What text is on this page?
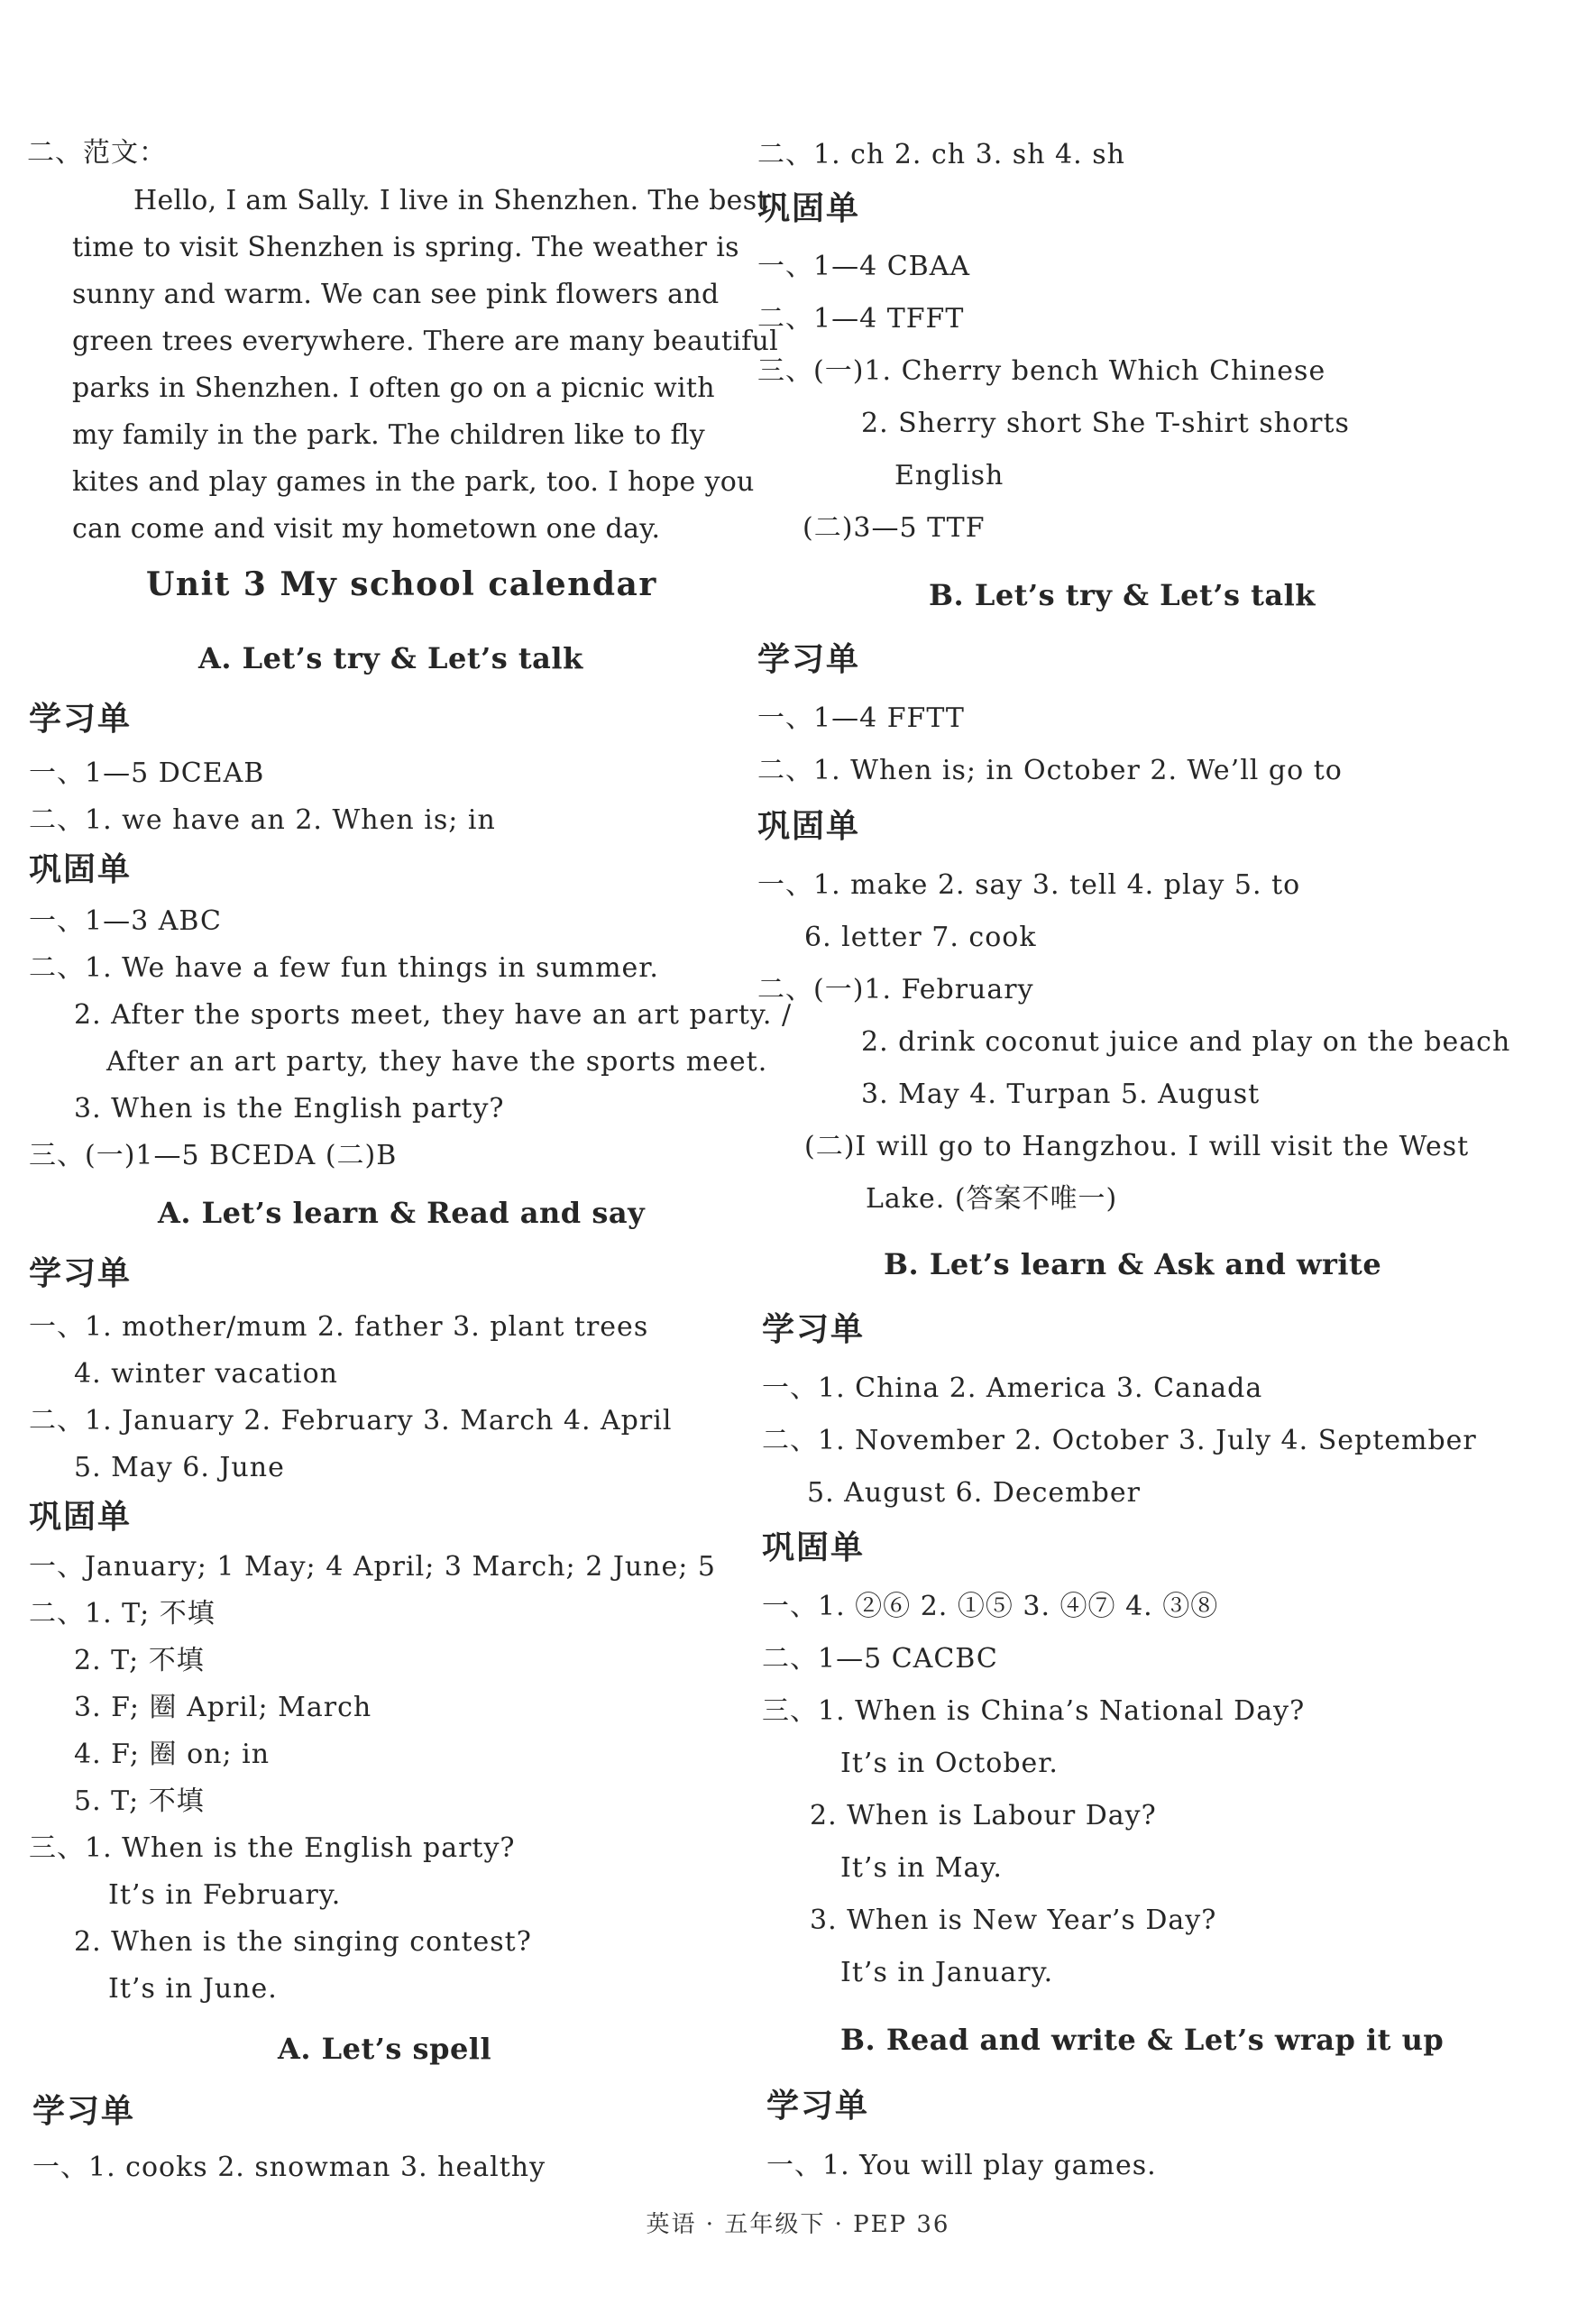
二、范文：
Hello, I am Sally. I live in Shenzhen. The best
time to visit Shenzhen is spring. The weather is
sunny and warm. We can see pink flowers and
green trees everywhere. There are many beautiful
parks in Shenzhen. I often go on a picnic with
my family in the park. The children like to fly
kites and play games in the park, too. I hope you
can come and visit my hometown one day.
Unit 3 My school calendar
A. Let’s try & Let’s talk
学习单
一、1—5 DCEAB
二、1. we have an 2. When is; in
巩固单
一、1—3 ABC
二、1. We have a few fun things in summer.
2. After the sports meet, they have an art party. /
After an art party, they have the sports meet.
3. When is the English party?
三、(一)1—5 BCEDA (二)B
A. Let’s learn & Read and say
学习单
一、1. mother/mum 2. father 3. plant trees
4. winter vacation
二、1. January 2. February 3. March 4. April
5. May 6. June
巩固单
一、January; 1 May; 4 April; 3 March; 2 June; 5
二、1. T; 不填
2. T; 不填
3. F; 圈 April; March
4. F; 圈 on; in
5. T; 不填
三、1. When is the English party?
It’s in February.
2. When is the singing contest?
It’s in June.
A. Let’s spell
学习单
一、1. cooks 2. snowman 3. healthy
二、1. ch 2. ch 3. sh 4. sh
巩固单
一、1—4 CBAA
二、1—4 TFFT
三、(一)1. Cherry bench Which Chinese
2. Sherry short She T-shirt shorts
English
(二)3—5 TTF
B. Let’s try & Let’s talk
学习单
一、1—4 FFTT
二、1. When is; in October 2. We’ll go to
巩固单
一、1. make 2. say 3. tell 4. play 5. to
6. letter 7. cook
二、(一)1. February
2. drink coconut juice and play on the beach
3. May 4. Turpan 5. August
(二)I will go to Hangzhou. I will visit the West
Lake. (答案不唯一)
B. Let’s learn & Ask and write
学习单
一、1. China 2. America 3. Canada
二、1. November 2. October 3. July 4. September
5. August 6. December
巩固单
一、1. ②⑥ 2. ①⑤ 3. ④⑦ 4. ③⑧
二、1—5 CACBC
三、1. When is China’s National Day?
It’s in October.
2. When is Labour Day?
It’s in May.
3. When is New Year’s Day?
It’s in January.
B. Read and write & Let’s wrap it up
学习单
一、1. You will play games.
英语 · 五年级下 · PEP 36
